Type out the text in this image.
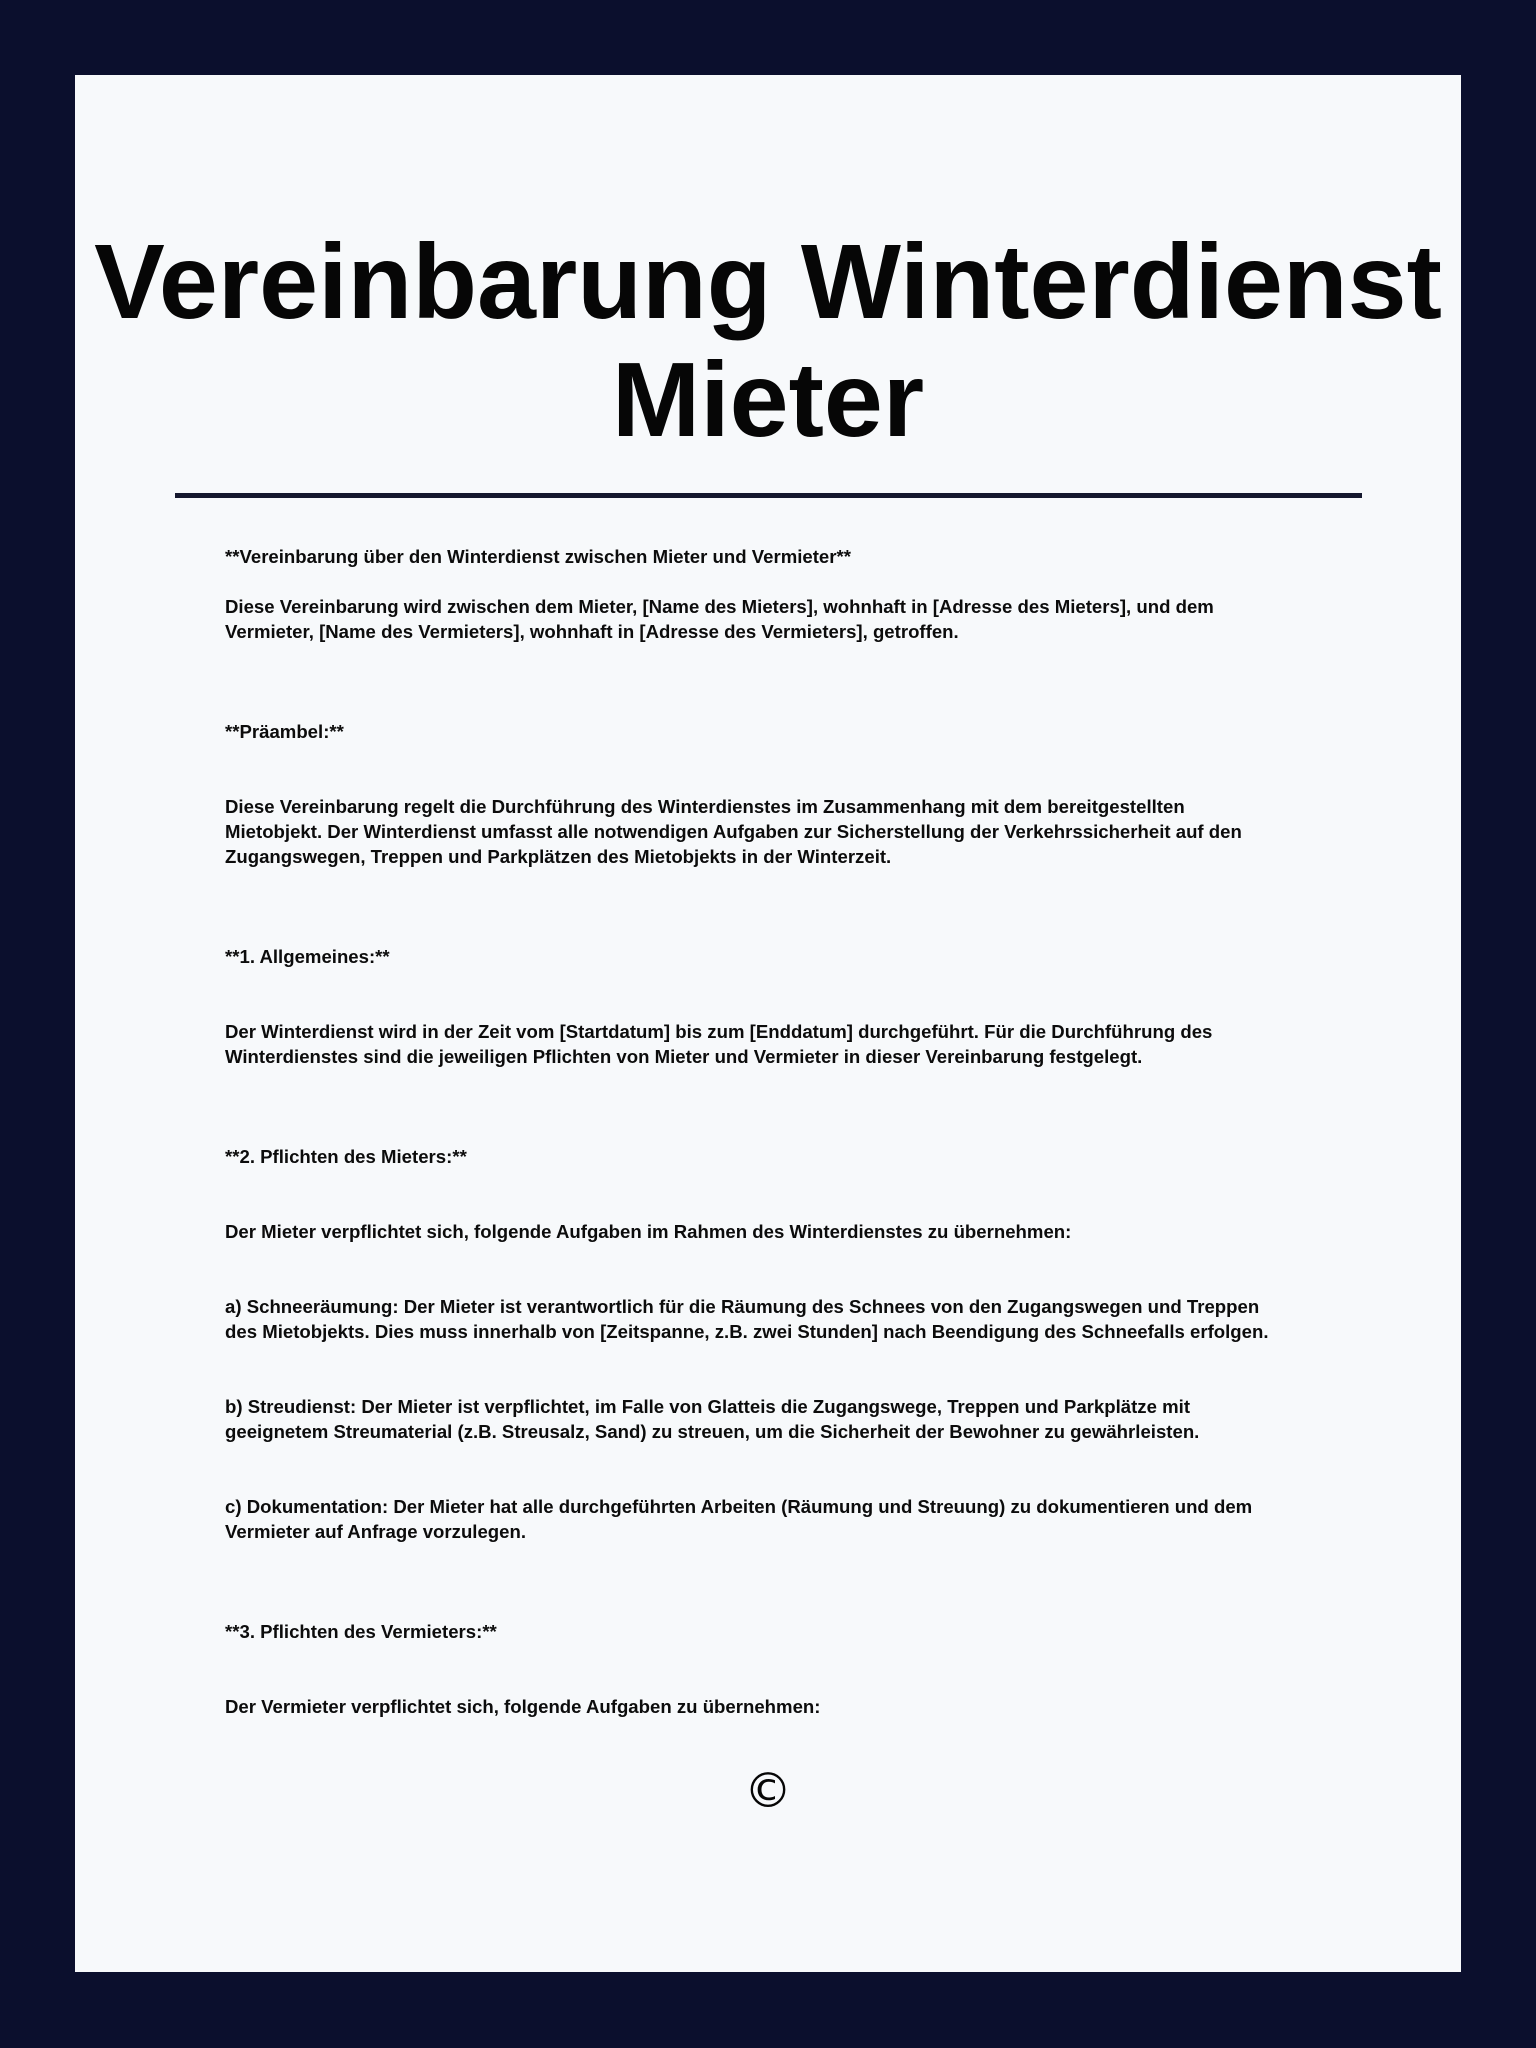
Vereinbarung Winterdienst Mieter

**Vereinbarung über den Winterdienst zwischen Mieter und Vermieter**

Diese Vereinbarung wird zwischen dem Mieter, [Name des Mieters], wohnhaft in [Adresse des Mieters], und dem

Vermieter, [Name des Vermieters], wohnhaft in [Adresse des Vermieters], getroffen.

**Präambel:**

Diese Vereinbarung regelt die Durchführung des Winterdienstes im Zusammenhang mit dem bereitgestellten

Mietobjekt. Der Winterdienst umfasst alle notwendigen Aufgaben zur Sicherstellung der Verkehrssicherheit auf den

Zugangswegen, Treppen und Parkplätzen des Mietobjekts in der Winterzeit.

**1. Allgemeines:**

Der Winterdienst wird in der Zeit vom [Startdatum] bis zum [Enddatum] durchgeführt. Für die Durchführung des

Winterdienstes sind die jeweiligen Pflichten von Mieter und Vermieter in dieser Vereinbarung festgelegt.

**2. Pflichten des Mieters:**

Der Mieter verpflichtet sich, folgende Aufgaben im Rahmen des Winterdienstes zu übernehmen:

a) Schneeräumung: Der Mieter ist verantwortlich für die Räumung des Schnees von den Zugangswegen und Treppen

des Mietobjekts. Dies muss innerhalb von [Zeitspanne, z.B. zwei Stunden] nach Beendigung des Schneefalls erfolgen.

b) Streudienst: Der Mieter ist verpflichtet, im Falle von Glatteis die Zugangswege, Treppen und Parkplätze mit

geeignetem Streumaterial (z.B. Streusalz, Sand) zu streuen, um die Sicherheit der Bewohner zu gewährleisten.

c) Dokumentation: Der Mieter hat alle durchgeführten Arbeiten (Räumung und Streuung) zu dokumentieren und dem

Vermieter auf Anfrage vorzulegen.

**3. Pflichten des Vermieters:**

Der Vermieter verpflichtet sich, folgende Aufgaben zu übernehmen:

©
